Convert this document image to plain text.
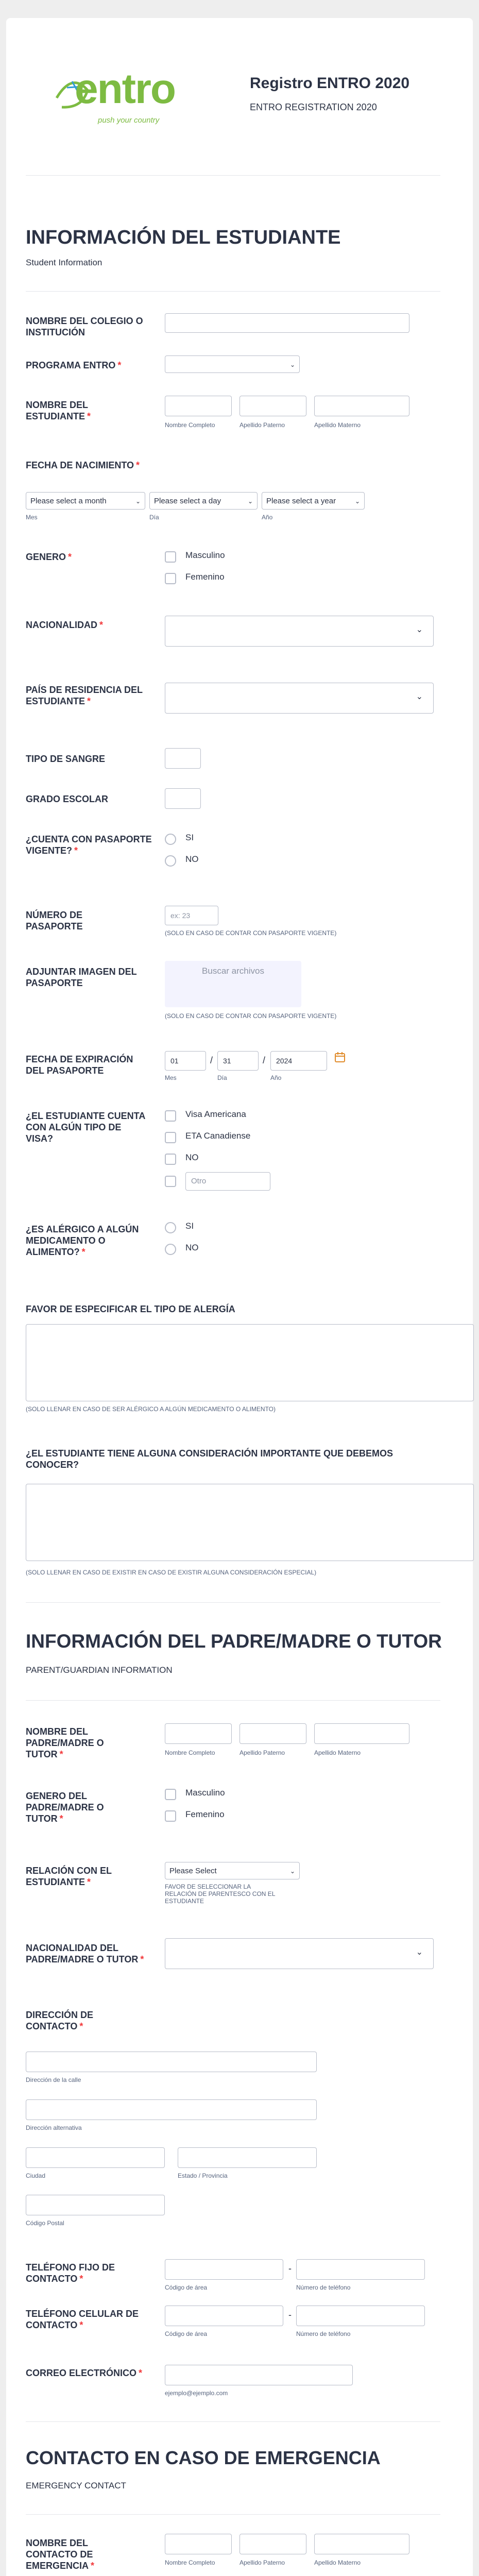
entro
push your country
Registro ENTRO 2020
ENTRO REGISTRATION 2020
INFORMACIÓN DEL ESTUDIANTE
Student Information
NOMBRE DEL COLEGIO O INSTITUCIÓN
PROGRAMA ENTRO *	⌄
NOMBRE DEL ESTUDIANTE *
Nombre Completo	Apellido Paterno	Apellido Materno
FECHA DE NACIMIENTO *
Please select a month	⌄	Please select a day	⌄	Please select a year	⌄
Mes	Día	Año
GENERO *	Masculino
Femenino
NACIONALIDAD *	⌄
PAÍS DE RESIDENCIA DEL ESTUDIANTE *	⌄
TIPO DE SANGRE
GRADO ESCOLAR
¿CUENTA CON PASAPORTE VIGENTE? *
SI
NO
NÚMERO DE PASAPORTE
ex: 23
(SOLO EN CASO DE CONTAR CON PASAPORTE VIGENTE)
ADJUNTAR IMAGEN DEL PASAPORTE
Buscar archivos
(SOLO EN CASO DE CONTAR CON PASAPORTE VIGENTE)
FECHA DE EXPIRACIÓN DEL PASAPORTE
01	/	31	/	2024
Mes	Día	Año
¿EL ESTUDIANTE CUENTA CON ALGÚN TIPO DE VISA?
Visa Americana
ETA Canadiense
NO
Otro
¿ES ALÉRGICO A ALGÚN MEDICAMENTO O ALIMENTO? *
SI
NO
FAVOR DE ESPECIFICAR EL TIPO DE ALERGÍA
(SOLO LLENAR EN CASO DE SER ALÉRGICO A ALGÚN MEDICAMENTO O ALIMENTO)
¿EL ESTUDIANTE TIENE ALGUNA CONSIDERACIÓN IMPORTANTE QUE DEBEMOS CONOCER?
(SOLO LLENAR EN CASO DE EXISTIR EN CASO DE EXISTIR ALGUNA CONSIDERACIÓN ESPECIAL)
INFORMACIÓN DEL PADRE/MADRE O TUTOR
PARENT/GUARDIAN INFORMATION
NOMBRE DEL PADRE/MADRE O TUTOR *	Nombre Completo	Apellido Paterno	Apellido Materno
GENERO DEL PADRE/MADRE O TUTOR *
Masculino
Femenino
RELACIÓN CON EL ESTUDIANTE *
Please Select	⌄
FAVOR DE SELECCIONAR LA RELACIÓN DE PARENTESCO CON EL ESTUDIANTE
NACIONALIDAD DEL PADRE/MADRE O TUTOR *
⌄
DIRECCIÓN DE CONTACTO *
Dirección de la calle
Dirección alternativa
Ciudad	Estado / Provincia
Código Postal
TELÉFONO FIJO DE CONTACTO *
-
Código de área	Número de teléfono
TELÉFONO CELULAR DE CONTACTO *
-
Código de área	Número de teléfono
CORREO ELECTRÓNICO *
ejemplo@ejemplo.com
CONTACTO EN CASO DE EMERGENCIA
EMERGENCY CONTACT
NOMBRE DEL CONTACTO DE EMERGENCIA *	Nombre Completo	Apellido Paterno	Apellido Materno
